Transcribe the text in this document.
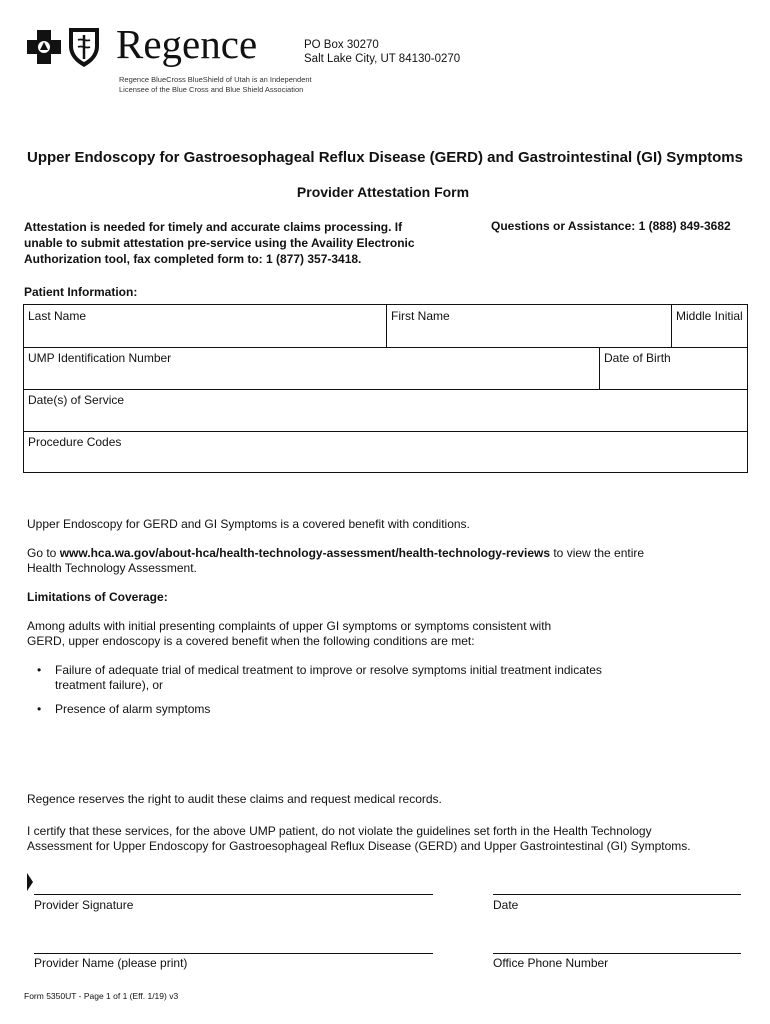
Regence
Regence BlueCross BlueShield of Utah is an Independent
Licensee of the Blue Cross and Blue Shield Association
PO Box 30270
Salt Lake City, UT 84130-0270
Upper Endoscopy for Gastroesophageal Reflux Disease (GERD) and Gastrointestinal (GI) Symptoms
Provider Attestation Form
Attestation is needed for timely and accurate claims processing. If
unable to submit attestation pre-service using the Availity Electronic
Authorization tool, fax completed form to: 1 (877) 357-3418.
Questions or Assistance: 1 (888) 849-3682
Patient Information:
Last Name	First Name	Middle Initial
UMP Identification Number	Date of Birth
Date(s) of Service
Procedure Codes
Upper Endoscopy for GERD and GI Symptoms is a covered benefit with conditions.
Go to www.hca.wa.gov/about-hca/health-technology-assessment/health-technology-reviews to view the entire
Health Technology Assessment.
Limitations of Coverage:
Among adults with initial presenting complaints of upper GI symptoms or symptoms consistent with
GERD, upper endoscopy is a covered benefit when the following conditions are met:
• Failure of adequate trial of medical treatment to improve or resolve symptoms initial treatment indicates
treatment failure), or
• Presence of alarm symptoms
Regence reserves the right to audit these claims and request medical records.
I certify that these services, for the above UMP patient, do not violate the guidelines set forth in the Health Technology
Assessment for Upper Endoscopy for Gastroesophageal Reflux Disease (GERD) and Upper Gastrointestinal (GI) Symptoms.
Provider Signature	Date
Provider Name (please print)	Office Phone Number
Form 5350UT - Page 1 of 1 (Eff. 1/19) v3
